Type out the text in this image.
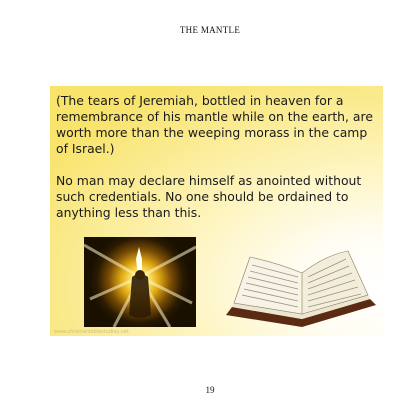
THE MANTLE

(The tears of Jeremiah, bottled in heaven for a remembrance of his mantle while on the earth, are worth more than the weeping morass in the camp of Israel.)

No man may declare himself as anointed without such credentials. No one should be ordained to anything less than this.

www.christianbiblestudies.net
19
